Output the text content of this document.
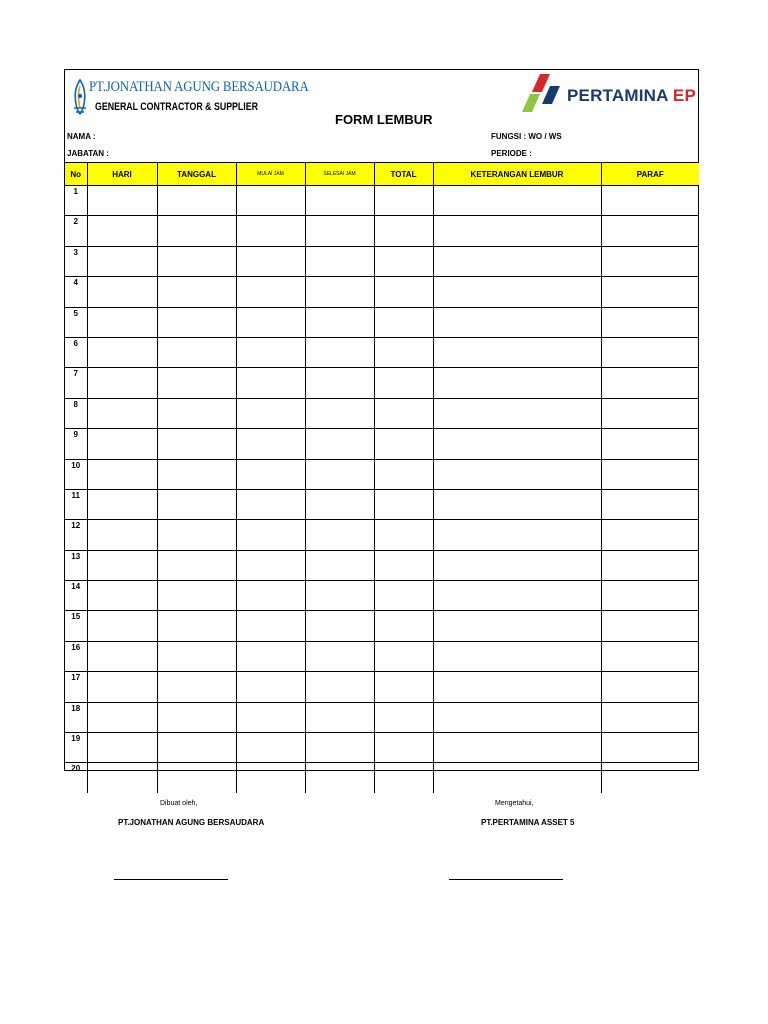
PT.JONATHAN AGUNG BERSAUDARA
GENERAL CONTRACTOR & SUPPLIER
PERTAMINA EP
FORM LEMBUR
NAMA :
JABATAN :
FUNGSI : WO / WS
PERIODE :
No	HARI	TANGGAL	MULAI JAM	SELESAI JAM	TOTAL	KETERANGAN LEMBUR	PARAF
1							
2							
3							
4							
5							
6							
7							
8							
9							
10							
11							
12							
13							
14							
15							
16							
17							
18							
19							
20							
Dibuat oleh,
PT.JONATHAN AGUNG BERSAUDARA
Mengetahui,
PT.PERTAMINA ASSET 5
